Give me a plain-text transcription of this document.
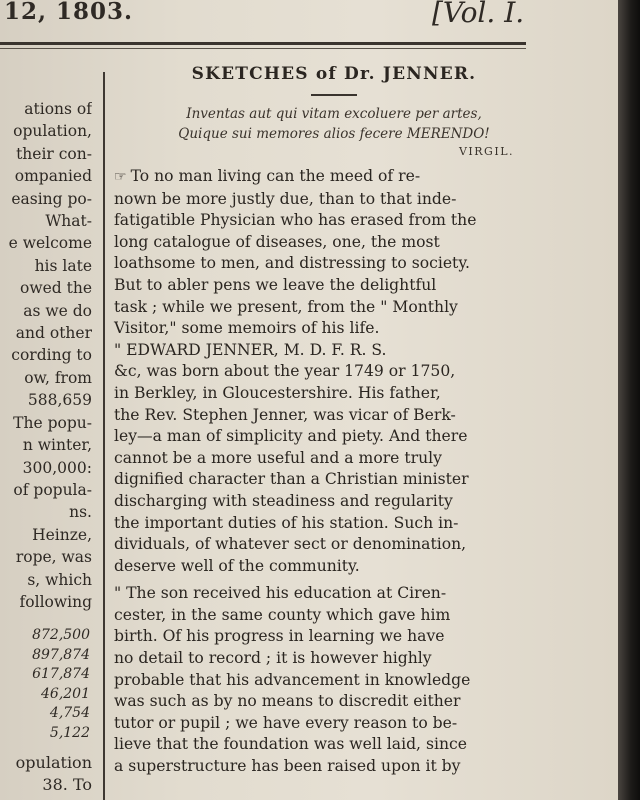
12, 1803.	[Vol. I.
ations of
opulation,
their con-
ompanied
easing po-
What-
e welcome
his late
owed the
as we do
and other
cording to
ow, from
588,659
The popu-
n winter,
300,000:
of popula-
ns.
Heinze,
rope, was
s, which
following
872,500
897,874
617,874
46,201
4,754
5,122
opulation
38. To
SKETCHES of Dr. JENNER.
Inventas aut qui vitam excoluere per artes,
Quique sui memores alios fecere MERENDO!
VIRGIL.
☞ To no man living can the meed of re-
nown be more justly due, than to that inde-
fatigatible Physician who has erased from the
long catalogue of diseases, one, the most
loathsome to men, and distressing to society.
But to abler pens we leave the delightful
task ; while we present, from the " Monthly
Visitor," some memoirs of his life.
" EDWARD JENNER, M. D. F. R. S.
&c, was born about the year 1749 or 1750,
in Berkley, in Gloucestershire. His father,
the Rev. Stephen Jenner, was vicar of Berk-
ley—a man of simplicity and piety. And there
cannot be a more useful and a more truly
dignified character than a Christian minister
discharging with steadiness and regularity
the important duties of his station. Such in-
dividuals, of whatever sect or denomination,
deserve well of the community.
" The son received his education at Ciren-
cester, in the same county which gave him
birth. Of his progress in learning we have
no detail to record ; it is however highly
probable that his advancement in knowledge
was such as by no means to discredit either
tutor or pupil ; we have every reason to be-
lieve that the foundation was well laid, since
a superstructure has been raised upon it by
